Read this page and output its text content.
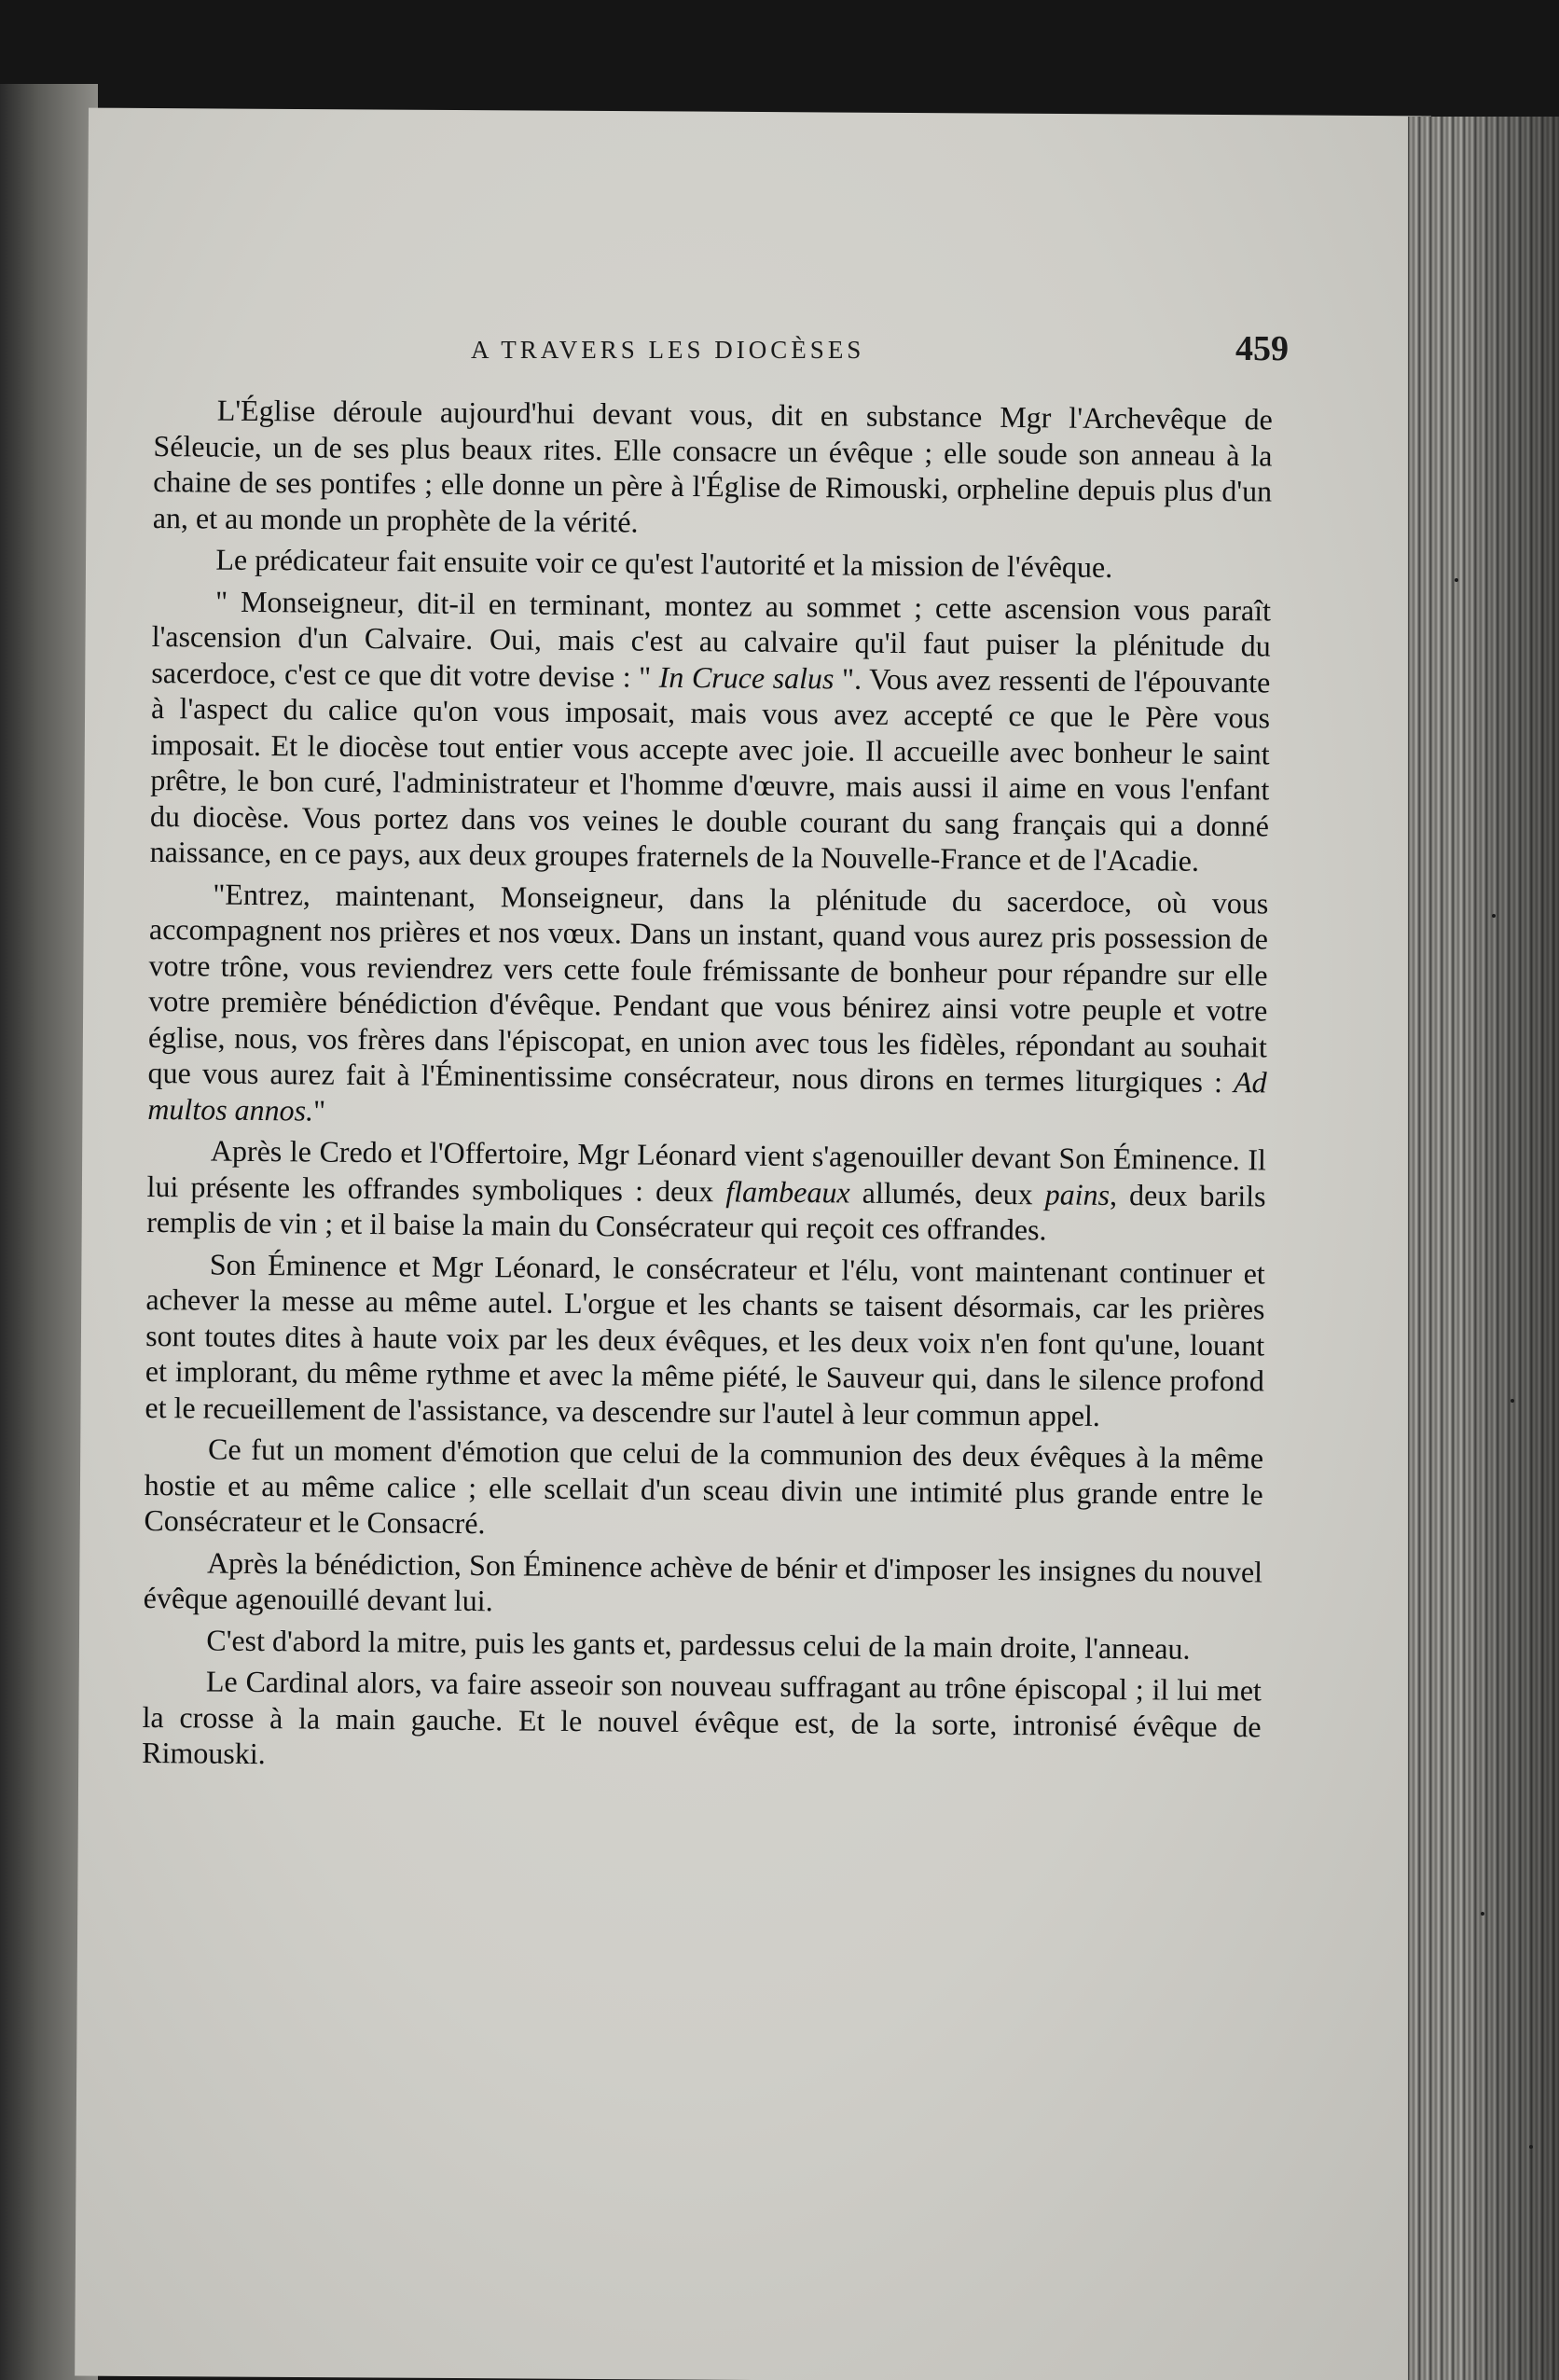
A TRAVERS LES DIOCÈSES	459

L'Église déroule aujourd'hui devant vous, dit en substance Mgr l'Archevêque de Séleucie, un de ses plus beaux rites. Elle consacre un évêque ; elle soude son anneau à la chaine de ses pontifes ; elle donne un père à l'Église de Rimouski, orpheline depuis plus d'un an, et au monde un prophète de la vérité.

Le prédicateur fait ensuite voir ce qu'est l'autorité et la mission de l'évêque.

" Monseigneur, dit-il en terminant, montez au sommet ; cette ascension vous paraît l'ascension d'un Calvaire. Oui, mais c'est au calvaire qu'il faut puiser la plénitude du sacerdoce, c'est ce que dit votre devise : " In Cruce salus ". Vous avez ressenti de l'épouvante à l'aspect du calice qu'on vous imposait, mais vous avez accepté ce que le Père vous imposait. Et le diocèse tout entier vous accepte avec joie. Il accueille avec bonheur le saint prêtre, le bon curé, l'administrateur et l'homme d'œuvre, mais aussi il aime en vous l'enfant du diocèse. Vous portez dans vos veines le double courant du sang français qui a donné naissance, en ce pays, aux deux groupes fraternels de la Nouvelle-France et de l'Acadie.

"Entrez, maintenant, Monseigneur, dans la plénitude du sacerdoce, où vous accompagnent nos prières et nos vœux. Dans un instant, quand vous aurez pris possession de votre trône, vous reviendrez vers cette foule frémissante de bonheur pour répandre sur elle votre première bénédiction d'évêque. Pendant que vous bénirez ainsi votre peuple et votre église, nous, vos frères dans l'épiscopat, en union avec tous les fidèles, répondant au souhait que vous aurez fait à l'Éminentissime consécrateur, nous dirons en termes liturgiques : Ad multos annos."

Après le Credo et l'Offertoire, Mgr Léonard vient s'agenouiller devant Son Éminence. Il lui présente les offrandes symboliques : deux flambeaux allumés, deux pains, deux barils remplis de vin ; et il baise la main du Consécrateur qui reçoit ces offrandes.

Son Éminence et Mgr Léonard, le consécrateur et l'élu, vont maintenant continuer et achever la messe au même autel. L'orgue et les chants se taisent désormais, car les prières sont toutes dites à haute voix par les deux évêques, et les deux voix n'en font qu'une, louant et implorant, du même rythme et avec la même piété, le Sauveur qui, dans le silence profond et le recueillement de l'assistance, va descendre sur l'autel à leur commun appel.

Ce fut un moment d'émotion que celui de la communion des deux évêques à la même hostie et au même calice ; elle scellait d'un sceau divin une intimité plus grande entre le Consécrateur et le Consacré.

Après la bénédiction, Son Éminence achève de bénir et d'imposer les insignes du nouvel évêque agenouillé devant lui.

C'est d'abord la mitre, puis les gants et, pardessus celui de la main droite, l'anneau.

Le Cardinal alors, va faire asseoir son nouveau suffragant au trône épiscopal ; il lui met la crosse à la main gauche. Et le nouvel évêque est, de la sorte, intronisé évêque de Rimouski.
